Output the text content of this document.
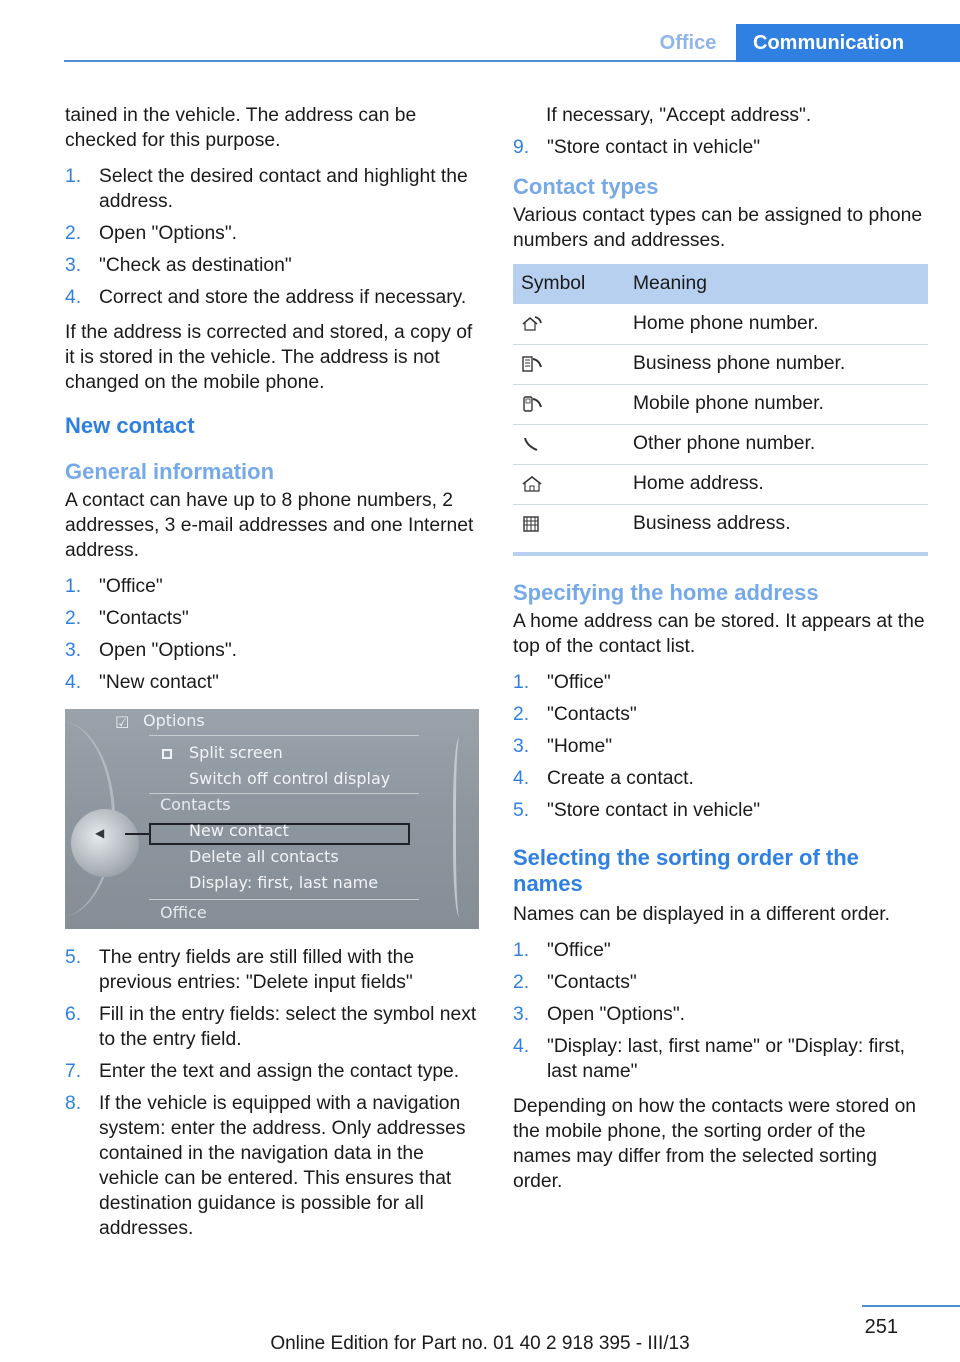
Office	Communication

tained in the vehicle. The address can be checked for this purpose.

1. Select the desired contact and highlight the address.
2. Open "Options".
3. "Check as destination"
4. Correct and store the address if necessary.

If the address is corrected and stored, a copy of it is stored in the vehicle. The address is not changed on the mobile phone.

New contact
General information

A contact can have up to 8 phone numbers, 2 addresses, 3 e-mail addresses and one Internet address.

1. "Office"
2. "Contacts"
3. Open "Options".
4. "New contact"
◀
☑ Options
Split screen
Switch off control display
Contacts
New contact
Delete all contacts
Display: first, last name
Office
5. The entry fields are still filled with the previous entries: "Delete input fields"
6. Fill in the entry fields: select the symbol next to the entry field.
7. Enter the text and assign the contact type.
8. If the vehicle is equipped with a navigation system: enter the address. Only addresses contained in the navigation data in the vehicle can be entered. This ensures that destination guidance is possible for all addresses.
If necessary, "Accept address".
9. "Store contact in vehicle"
Contact types

Various contact types can be assigned to phone numbers and addresses.

Symbol	Meaning

	Home phone number.

	Business phone number.

	Mobile phone number.

	Other phone number.

	Home address.

	Business address.
Specifying the home address

A home address can be stored. It appears at the top of the contact list.

1. "Office"
2. "Contacts"
3. "Home"
4. Create a contact.
5. "Store contact in vehicle"
Selecting the sorting order of the names

Names can be displayed in a different order.

1. "Office"
2. "Contacts"
3. Open "Options".
4. "Display: last, first name" or "Display: first, last name"

Depending on how the contacts were stored on the mobile phone, the sorting order of the names may differ from the selected sorting order.

251
Online Edition for Part no. 01 40 2 918 395 - III/13
